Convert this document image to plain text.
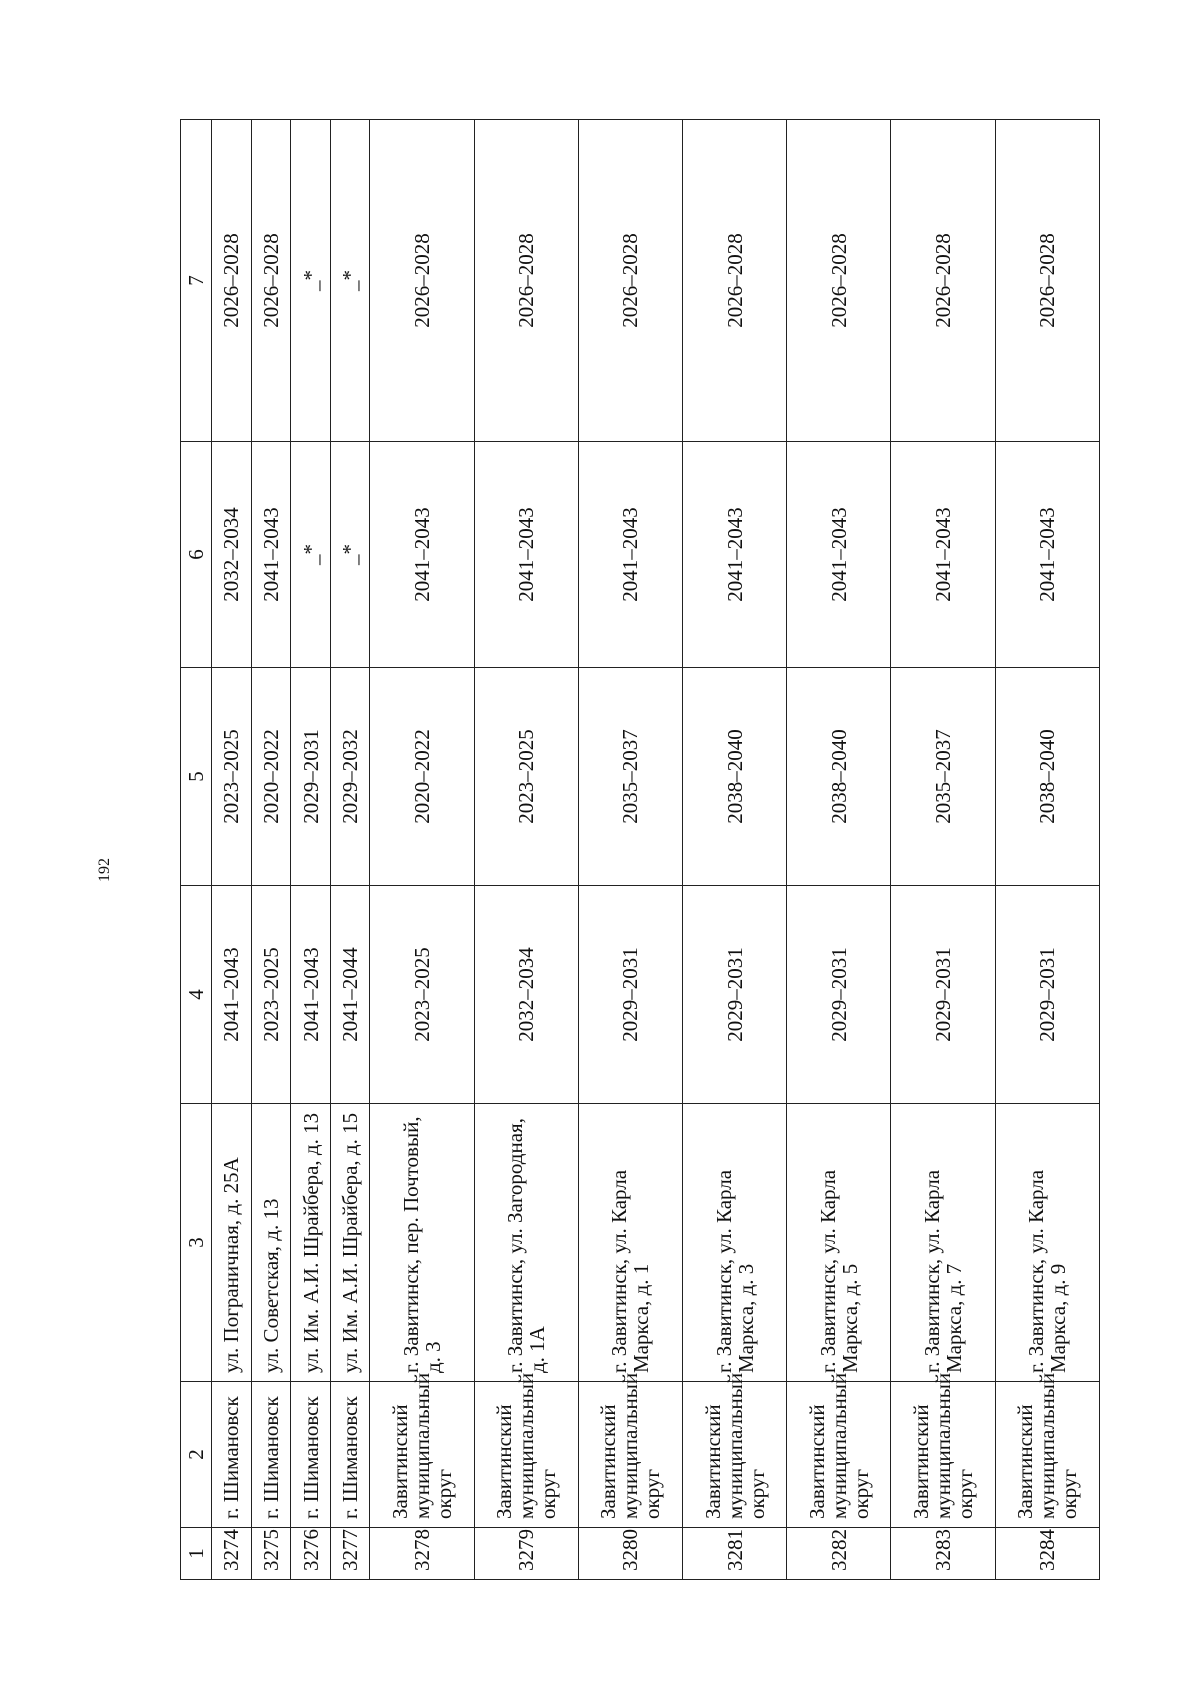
192
1	2	3	4	5	6	7
3274	г. Шимановск	ул. Пограничная, д. 25А	2041–2043	2023–2025	2032–2034	2026–2028
3275	г. Шимановск	ул. Советская, д. 13	2023–2025	2020–2022	2041–2043	2026–2028
3276	г. Шимановск	ул. Им. А.И. Шрайбера, д. 13	2041–2043	2029–2031	_*	_*
3277	г. Шимановск	ул. Им. А.И. Шрайбера, д. 15	2041–2044	2029–2032	_*	_*
3278	Завитинский муниципальный округ	г. Завитинск, пер. Почтовый, д. 3	2023–2025	2020–2022	2041–2043	2026–2028
3279	Завитинский муниципальный округ	г. Завитинск, ул. Загородная, д. 1А	2032–2034	2023–2025	2041–2043	2026–2028
3280	Завитинский муниципальный округ	г. Завитинск, ул. Карла Маркса, д. 1	2029–2031	2035–2037	2041–2043	2026–2028
3281	Завитинский муниципальный округ	г. Завитинск, ул. Карла Маркса, д. 3	2029–2031	2038–2040	2041–2043	2026–2028
3282	Завитинский муниципальный округ	г. Завитинск, ул. Карла Маркса, д. 5	2029–2031	2038–2040	2041–2043	2026–2028
3283	Завитинский муниципальный округ	г. Завитинск, ул. Карла Маркса, д. 7	2029–2031	2035–2037	2041–2043	2026–2028
3284	Завитинский муниципальный округ	г. Завитинск, ул. Карла Маркса, д. 9	2029–2031	2038–2040	2041–2043	2026–2028
